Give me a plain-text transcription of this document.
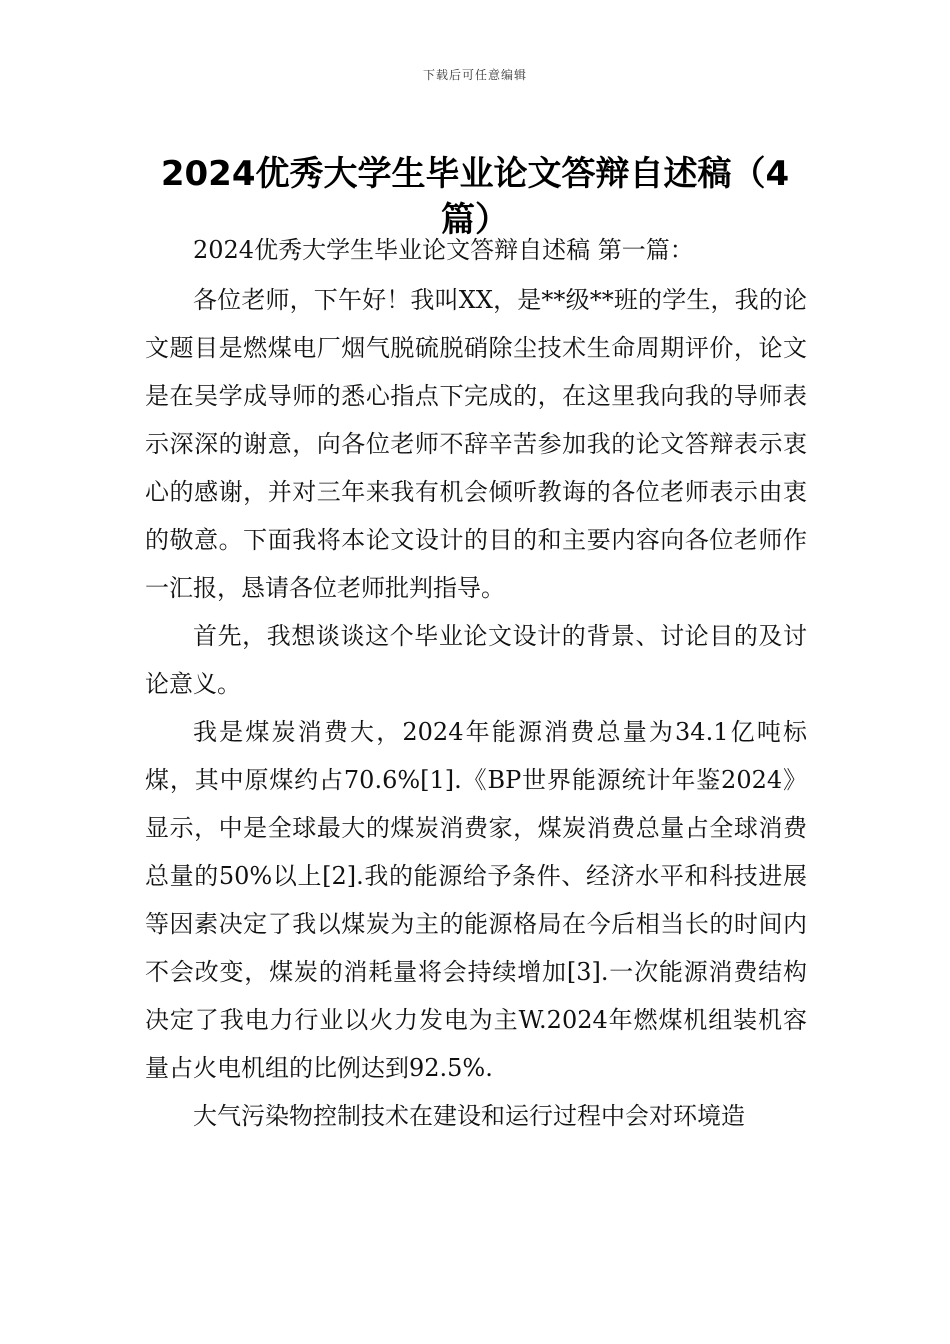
下载后可任意编辑
2024优秀大学生毕业论文答辩自述稿（4篇）

2024优秀大学生毕业论文答辩自述稿 第一篇：

各位老师，下午好！我叫XX，是**级**班的学生，我的论文题目是燃煤电厂烟气脱硫脱硝除尘技术生命周期评价，论文是在吴学成导师的悉心指点下完成的，在这里我向我的导师表示深深的谢意，向各位老师不辞辛苦参加我的论文答辩表示衷心的感谢，并对三年来我有机会倾听教诲的各位老师表示由衷的敬意。下面我将本论文设计的目的和主要内容向各位老师作一汇报，恳请各位老师批判指导。

首先，我想谈谈这个毕业论文设计的背景、讨论目的及讨论意义。

我是煤炭消费大，2024年能源消费总量为34.1亿吨标煤，其中原煤约占70.6%[1].《BP世界能源统计年鉴2024》显示，中是全球最大的煤炭消费家，煤炭消费总量占全球消费总量的50%以上[2].我的能源给予条件、经济水平和科技进展等因素决定了我以煤炭为主的能源格局在今后相当长的时间内不会改变，煤炭的消耗量将会持续增加[3].一次能源消费结构决定了我电力行业以火力发电为主W.2024年燃煤机组装机容量占火电机组的比例达到92.5%.

大气污染物控制技术在建设和运行过程中会对环境造
